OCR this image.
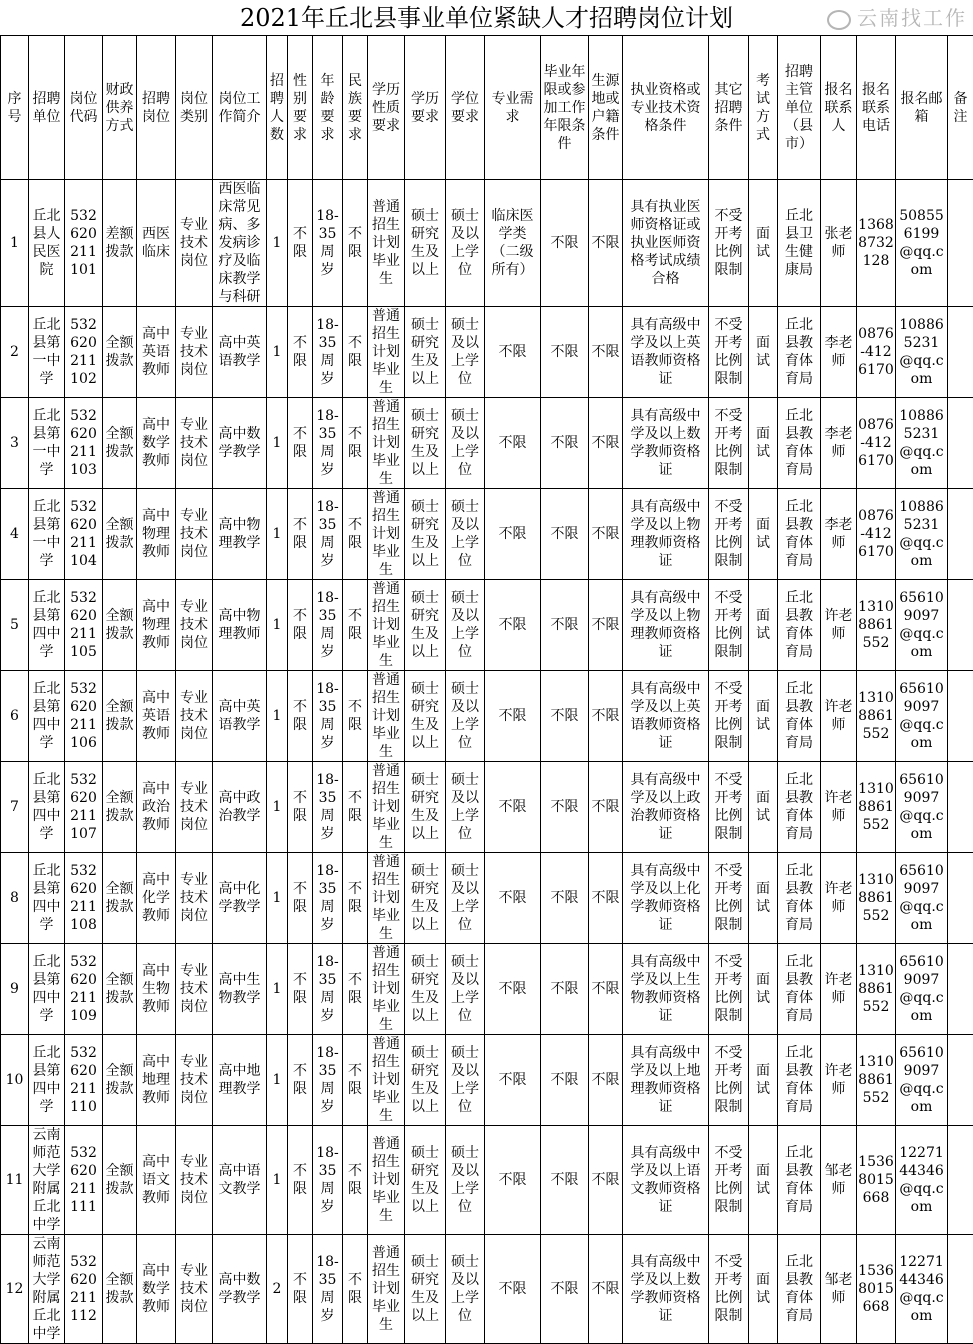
2021年丘北县事业单位紧缺人才招聘岗位计划	云南找工作
序号	招聘单位	岗位代码	财政供养方式	招聘岗位	岗位类别	岗位工作简介	招聘人数	性别要求	年龄要求	民族要求	学历性质要求	学历要求	学位要求	专业需求	毕业年限或参加工作年限条件	生源地或户籍条件	执业资格或专业技术资格条件	其它招聘条件	考试方式	招聘主管单位（县市）	报名联系人	报名联系电话	报名邮箱	备注
1	丘北县人民医院	532620211101	差额拨款	西医临床	专业技术岗位	西医临床常见病、多发病诊疗及临床教学与科研	1	不限	18-35周岁	不限	普通招生计划毕业生	硕士研究生及以上	硕士及以上学位	临床医学类（二级所有）	不限	不限	具有执业医师资格证或执业医师资格考试成绩合格	不受开考比例限制	面试	丘北县卫生健康局	张老师	13688732128	508556199@qq.com	
2	丘北县第一中学	532620211102	全额拨款	高中英语教师	专业技术岗位	高中英语教学	1	不限	18-35周岁	不限	普通招生计划毕业生	硕士研究生及以上	硕士及以上学位	不限	不限	不限	具有高级中学及以上英语教师资格证	不受开考比例限制	面试	丘北县教育体育局	李老师	0876-4126170	108865231@qq.com	
3	丘北县第一中学	532620211103	全额拨款	高中数学教师	专业技术岗位	高中数学教学	1	不限	18-35周岁	不限	普通招生计划毕业生	硕士研究生及以上	硕士及以上学位	不限	不限	不限	具有高级中学及以上数学教师资格证	不受开考比例限制	面试	丘北县教育体育局	李老师	0876-4126170	108865231@qq.com	
4	丘北县第一中学	532620211104	全额拨款	高中物理教师	专业技术岗位	高中物理教学	1	不限	18-35周岁	不限	普通招生计划毕业生	硕士研究生及以上	硕士及以上学位	不限	不限	不限	具有高级中学及以上物理教师资格证	不受开考比例限制	面试	丘北县教育体育局	李老师	0876-4126170	108865231@qq.com	
5	丘北县第四中学	532620211105	全额拨款	高中物理教师	专业技术岗位	高中物理教师	1	不限	18-35周岁	不限	普通招生计划毕业生	硕士研究生及以上	硕士及以上学位	不限	不限	不限	具有高级中学及以上物理教师资格证	不受开考比例限制	面试	丘北县教育体育局	许老师	13108861552	656109097@qq.com	
6	丘北县第四中学	532620211106	全额拨款	高中英语教师	专业技术岗位	高中英语教学	1	不限	18-35周岁	不限	普通招生计划毕业生	硕士研究生及以上	硕士及以上学位	不限	不限	不限	具有高级中学及以上英语教师资格证	不受开考比例限制	面试	丘北县教育体育局	许老师	13108861552	656109097@qq.com	
7	丘北县第四中学	532620211107	全额拨款	高中政治教师	专业技术岗位	高中政治教学	1	不限	18-35周岁	不限	普通招生计划毕业生	硕士研究生及以上	硕士及以上学位	不限	不限	不限	具有高级中学及以上政治教师资格证	不受开考比例限制	面试	丘北县教育体育局	许老师	13108861552	656109097@qq.com	
8	丘北县第四中学	532620211108	全额拨款	高中化学教师	专业技术岗位	高中化学教学	1	不限	18-35周岁	不限	普通招生计划毕业生	硕士研究生及以上	硕士及以上学位	不限	不限	不限	具有高级中学及以上化学教师资格证	不受开考比例限制	面试	丘北县教育体育局	许老师	13108861552	656109097@qq.com	
9	丘北县第四中学	532620211109	全额拨款	高中生物教师	专业技术岗位	高中生物教学	1	不限	18-35周岁	不限	普通招生计划毕业生	硕士研究生及以上	硕士及以上学位	不限	不限	不限	具有高级中学及以上生物教师资格证	不受开考比例限制	面试	丘北县教育体育局	许老师	13108861552	656109097@qq.com	
10	丘北县第四中学	532620211110	全额拨款	高中地理教师	专业技术岗位	高中地理教学	1	不限	18-35周岁	不限	普通招生计划毕业生	硕士研究生及以上	硕士及以上学位	不限	不限	不限	具有高级中学及以上地理教师资格证	不受开考比例限制	面试	丘北县教育体育局	许老师	13108861552	656109097@qq.com	
11	云南师范大学附属丘北中学	532620211111	全额拨款	高中语文教师	专业技术岗位	高中语文教学	1	不限	18-35周岁	不限	普通招生计划毕业生	硕士研究生及以上	硕士及以上学位	不限	不限	不限	具有高级中学及以上语文教师资格证	不受开考比例限制	面试	丘北县教育体育局	邹老师	15368015668	1227144346@qq.com	
12	云南师范大学附属丘北中学	532620211112	全额拨款	高中数学教师	专业技术岗位	高中数学教学	2	不限	18-35周岁	不限	普通招生计划毕业生	硕士研究生及以上	硕士及以上学位	不限	不限	不限	具有高级中学及以上数学教师资格证	不受开考比例限制	面试	丘北县教育体育局	邹老师	15368015668	1227144346@qq.com	
